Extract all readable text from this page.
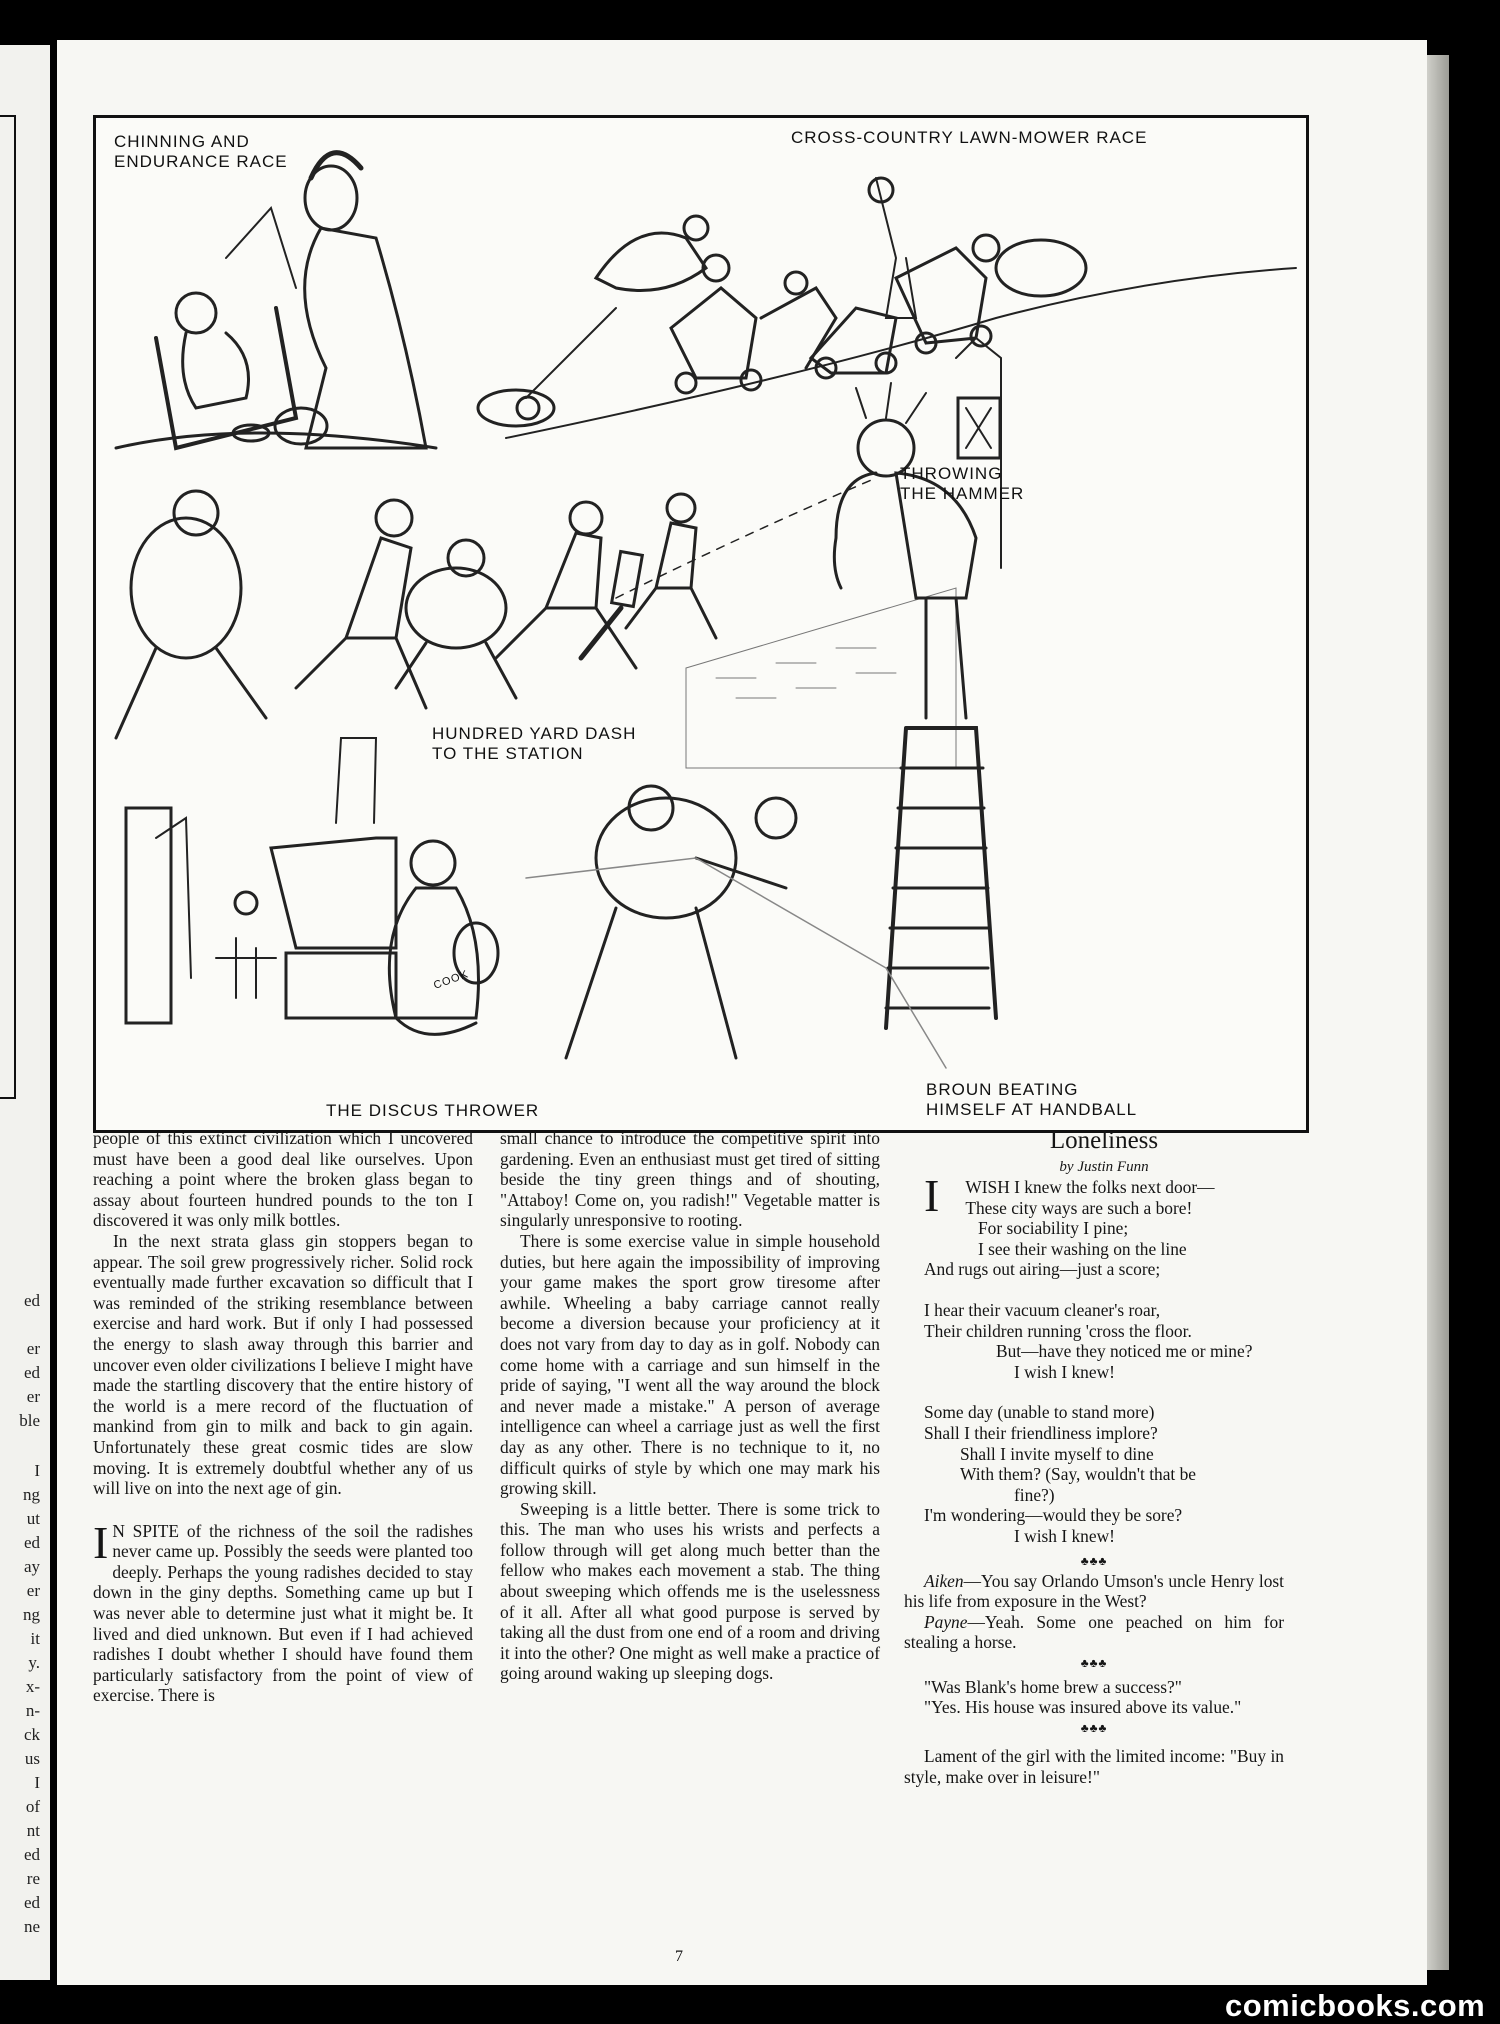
ed
er
ed
er
ble
I
ng
ut
ed
ay
er
ng
it
y.
x-
n-
ck
us
I
of
nt
ed
re
ed
ne
CHINNING AND
ENDURANCE RACE
CROSS-COUNTRY LAWN-MOWER RACE
THROWING
THE HAMMER
HUNDRED YARD DASH
TO THE STATION
THE DISCUS THROWER
BROUN BEATING
HIMSELF AT HANDBALL
COOK

people of this extinct civilization which I uncovered must have been a good deal like ourselves. Upon reaching a point where the broken glass began to assay about fourteen hundred pounds to the ton I discovered it was only milk bottles.

In the next strata glass gin stoppers began to appear. The soil grew progressively richer. Solid rock eventually made further excavation so difficult that I was reminded of the striking resemblance between exercise and hard work. But if only I had possessed the energy to slash away through this barrier and uncover even older civilizations I believe I might have made the startling discovery that the entire history of the world is a mere record of the fluctuation of mankind from gin to milk and back to gin again. Unfortunately these great cosmic tides are slow moving. It is extremely doubtful whether any of us will live on into the next age of gin.

I N SPITE of the richness of the soil the radishes never came up. Possibly the seeds were planted too deeply. Perhaps the young radishes decided to stay down in the giny depths. Something came up but I was never able to determine just what it might be. It lived and died unknown. But even if I had achieved radishes I doubt whether I should have found them particularly satisfactory from the point of view of exercise. There is

small chance to introduce the competitive spirit into gardening. Even an enthusiast must get tired of sitting beside the tiny green things and of shouting, "Attaboy! Come on, you radish!" Vegetable matter is singularly unresponsive to rooting.

There is some exercise value in simple household duties, but here again the impossibility of improving your game makes the sport grow tiresome after awhile. Wheeling a baby carriage cannot really become a diversion because your proficiency at it does not vary from day to day as in golf. Nobody can come home with a carriage and sun himself in the pride of saying, "I went all the way around the block and never made a mistake." A person of average intelligence can wheel a carriage just as well the first day as any other. There is no technique to it, no difficult quirks of style by which one may mark his growing skill.

Sweeping is a little better. There is some trick to this. The man who uses his wrists and perfects a follow through will get along much better than the fellow who makes each movement a stab. The thing about sweeping which offends me is the uselessness of it all. After all what good purpose is served by taking all the dust from one end of a room and driving it into the other? One might as well make a practice of going around waking up sleeping dogs.

Loneliness

by Justin Funn

I WISH I knew the folks next door—

These city ways are such a bore!

For sociability I pine;

I see their washing on the line

And rugs out airing—just a score;

I hear their vacuum cleaner's roar,

Their children running 'cross the floor.

But—have they noticed me or mine?

I wish I knew!

Some day (unable to stand more)

Shall I their friendliness implore?

Shall I invite myself to dine

With them? (Say, wouldn't that be

fine?)

I'm wondering—would they be sore?

I wish I knew!

♣♣♣

Aiken—You say Orlando Umson's uncle Henry lost his life from exposure in the West?

Payne—Yeah. Some one peached on him for stealing a horse.

♣♣♣

"Was Blank's home brew a success?"

"Yes. His house was insured above its value."

♣♣♣

Lament of the girl with the limited income: "Buy in style, make over in leisure!"

7
comicbooks.com
